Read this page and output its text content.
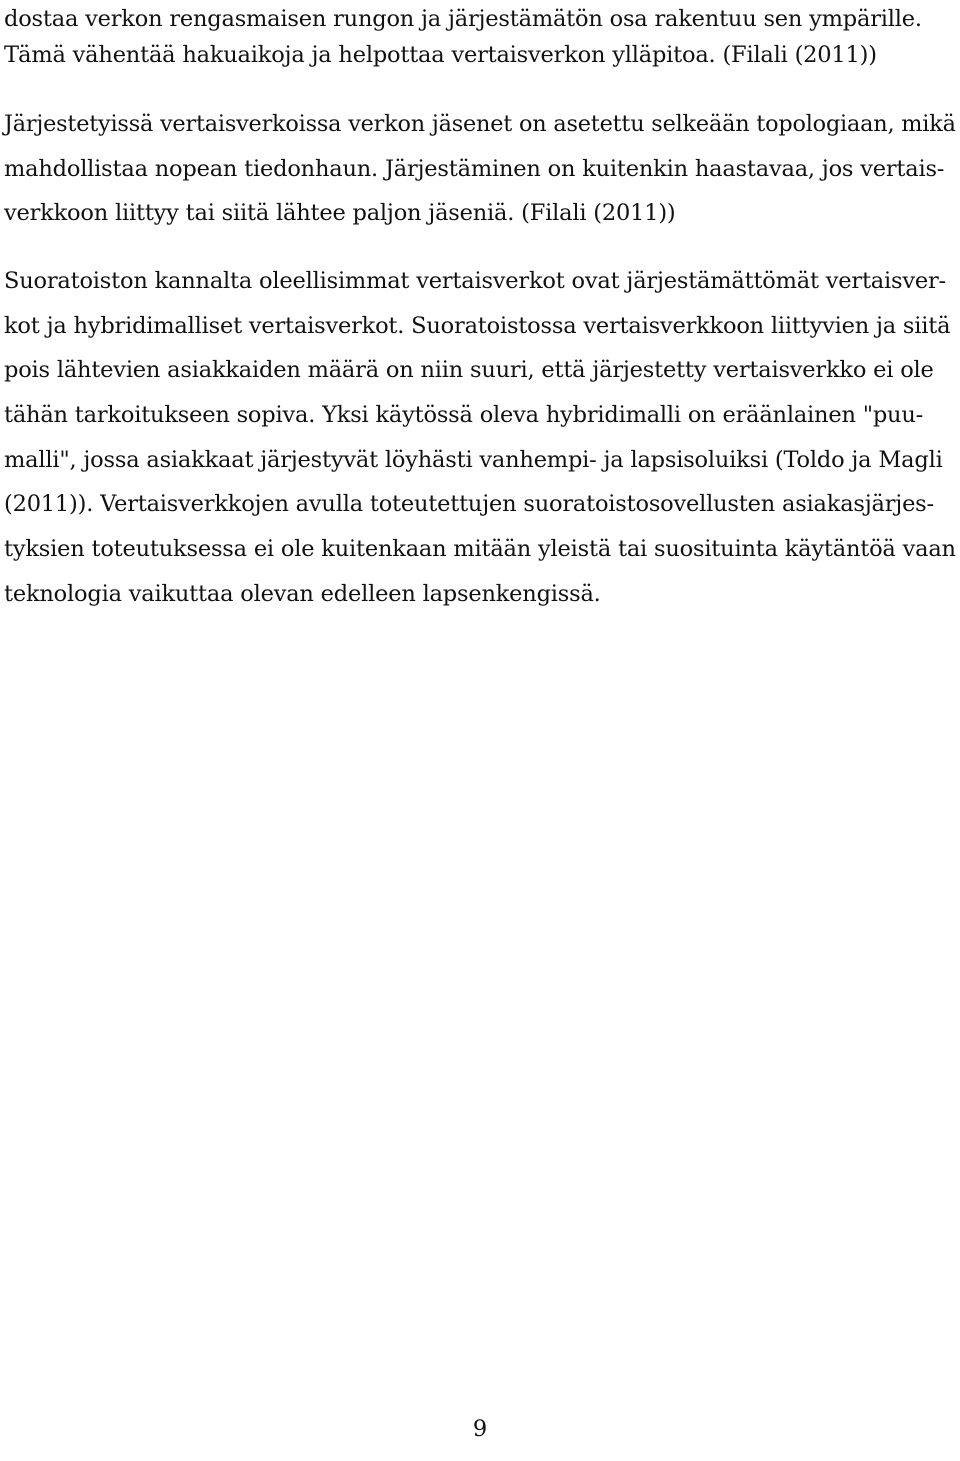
dostaa verkon rengasmaisen rungon ja järjestämätön osa rakentuu sen ympärille.
Tämä vähentää hakuaikoja ja helpottaa vertaisverkon ylläpitoa. (Filali (2011))
Järjestetyissä vertaisverkoissa verkon jäsenet on asetettu selkeään topologiaan, mikä
mahdollistaa nopean tiedonhaun. Järjestäminen on kuitenkin haastavaa, jos vertais-
verkkoon liittyy tai siitä lähtee paljon jäseniä. (Filali (2011))
Suoratoiston kannalta oleellisimmat vertaisverkot ovat järjestämättömät vertaisver-
kot ja hybridimalliset vertaisverkot. Suoratoistossa vertaisverkkoon liittyvien ja siitä
pois lähtevien asiakkaiden määrä on niin suuri, että järjestetty vertaisverkko ei ole
tähän tarkoitukseen sopiva. Yksi käytössä oleva hybridimalli on eräänlainen "puu-
malli", jossa asiakkaat järjestyvät löyhästi vanhempi- ja lapsisoluiksi (Toldo ja Magli
(2011)). Vertaisverkkojen avulla toteutettujen suoratoistosovellusten asiakasjärjes-
tyksien toteutuksessa ei ole kuitenkaan mitään yleistä tai suosituinta käytäntöä vaan
teknologia vaikuttaa olevan edelleen lapsenkengissä.
9
